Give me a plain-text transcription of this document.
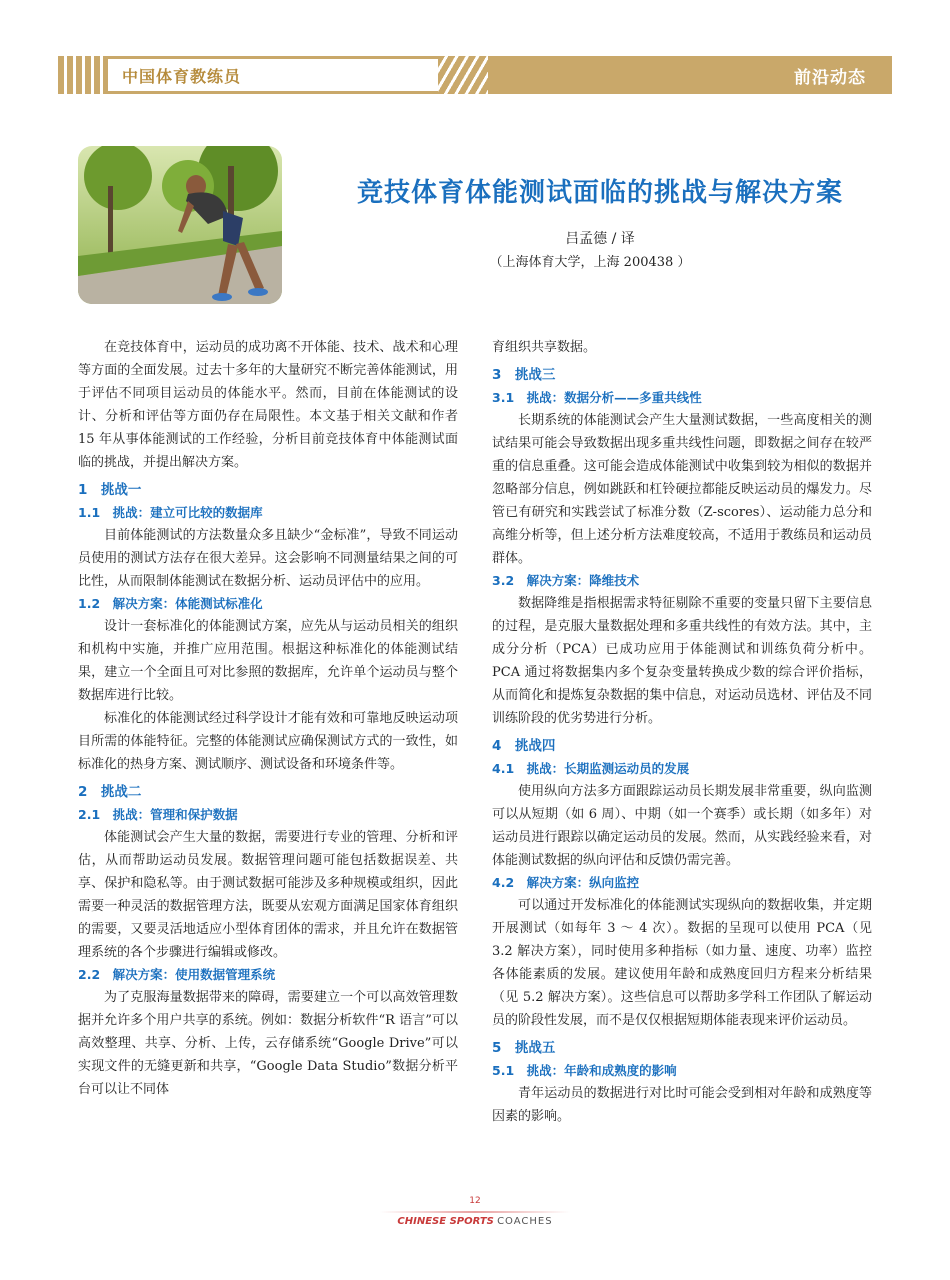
中国体育教练员	前沿动态
竞技体育体能测试面临的挑战与解决方案
吕孟德 / 译
（上海体育大学，上海 200438 ）

在竞技体育中，运动员的成功离不开体能、技术、战术和心理等方面的全面发展。过去十多年的大量研究不断完善体能测试，用于评估不同项目运动员的体能水平。然而，目前在体能测试的设计、分析和评估等方面仍存在局限性。本文基于相关文献和作者 15 年从事体能测试的工作经验，分析目前竞技体育中体能测试面临的挑战，并提出解决方案。

1　挑战一
1.1　挑战：建立可比较的数据库

目前体能测试的方法数量众多且缺少“金标准”，导致不同运动员使用的测试方法存在很大差异。这会影响不同测量结果之间的可比性，从而限制体能测试在数据分析、运动员评估中的应用。

1.2　解决方案：体能测试标准化

设计一套标准化的体能测试方案，应先从与运动员相关的组织和机构中实施，并推广应用范围。根据这种标准化的体能测试结果，建立一个全面且可对比参照的数据库，允许单个运动员与整个数据库进行比较。

标准化的体能测试经过科学设计才能有效和可靠地反映运动项目所需的体能特征。完整的体能测试应确保测试方式的一致性，如标准化的热身方案、测试顺序、测试设备和环境条件等。

2　挑战二
2.1　挑战：管理和保护数据

体能测试会产生大量的数据，需要进行专业的管理、分析和评估，从而帮助运动员发展。数据管理问题可能包括数据误差、共享、保护和隐私等。由于测试数据可能涉及多种规模或组织，因此需要一种灵活的数据管理方法，既要从宏观方面满足国家体育组织的需要，又要灵活地适应小型体育团体的需求，并且允许在数据管理系统的各个步骤进行编辑或修改。

2.2　解决方案：使用数据管理系统

为了克服海量数据带来的障碍，需要建立一个可以高效管理数据并允许多个用户共享的系统。例如：数据分析软件“R 语言”可以高效整理、共享、分析、上传，云存储系统“Google Drive”可以实现文件的无缝更新和共享，“Google Data Studio”数据分析平台可以让不同体

育组织共享数据。

3　挑战三
3.1　挑战：数据分析——多重共线性

长期系统的体能测试会产生大量测试数据，一些高度相关的测试结果可能会导致数据出现多重共线性问题，即数据之间存在较严重的信息重叠。这可能会造成体能测试中收集到较为相似的数据并忽略部分信息，例如跳跃和杠铃硬拉都能反映运动员的爆发力。尽管已有研究和实践尝试了标准分数（Z-scores）、运动能力总分和高维分析等，但上述分析方法难度较高，不适用于教练员和运动员群体。

3.2　解决方案：降维技术

数据降维是指根据需求特征剔除不重要的变量只留下主要信息的过程，是克服大量数据处理和多重共线性的有效方法。其中，主成分分析（PCA）已成功应用于体能测试和训练负荷分析中。PCA 通过将数据集内多个复杂变量转换成少数的综合评价指标，从而简化和提炼复杂数据的集中信息，对运动员选材、评估及不同训练阶段的优劣势进行分析。

4　挑战四
4.1　挑战：长期监测运动员的发展

使用纵向方法多方面跟踪运动员长期发展非常重要，纵向监测可以从短期（如 6 周）、中期（如一个赛季）或长期（如多年）对运动员进行跟踪以确定运动员的发展。然而，从实践经验来看，对体能测试数据的纵向评估和反馈仍需完善。

4.2　解决方案：纵向监控

可以通过开发标准化的体能测试实现纵向的数据收集，并定期开展测试（如每年 3 ～ 4 次）。数据的呈现可以使用 PCA（见 3.2 解决方案），同时使用多种指标（如力量、速度、功率）监控各体能素质的发展。建议使用年龄和成熟度回归方程来分析结果（见 5.2 解决方案）。这些信息可以帮助多学科工作团队了解运动员的阶段性发展，而不是仅仅根据短期体能表现来评价运动员。

5　挑战五
5.1　挑战：年龄和成熟度的影响

青年运动员的数据进行对比时可能会受到相对年龄和成熟度等因素的影响。

12
CHINESE SPORTS COACHES
